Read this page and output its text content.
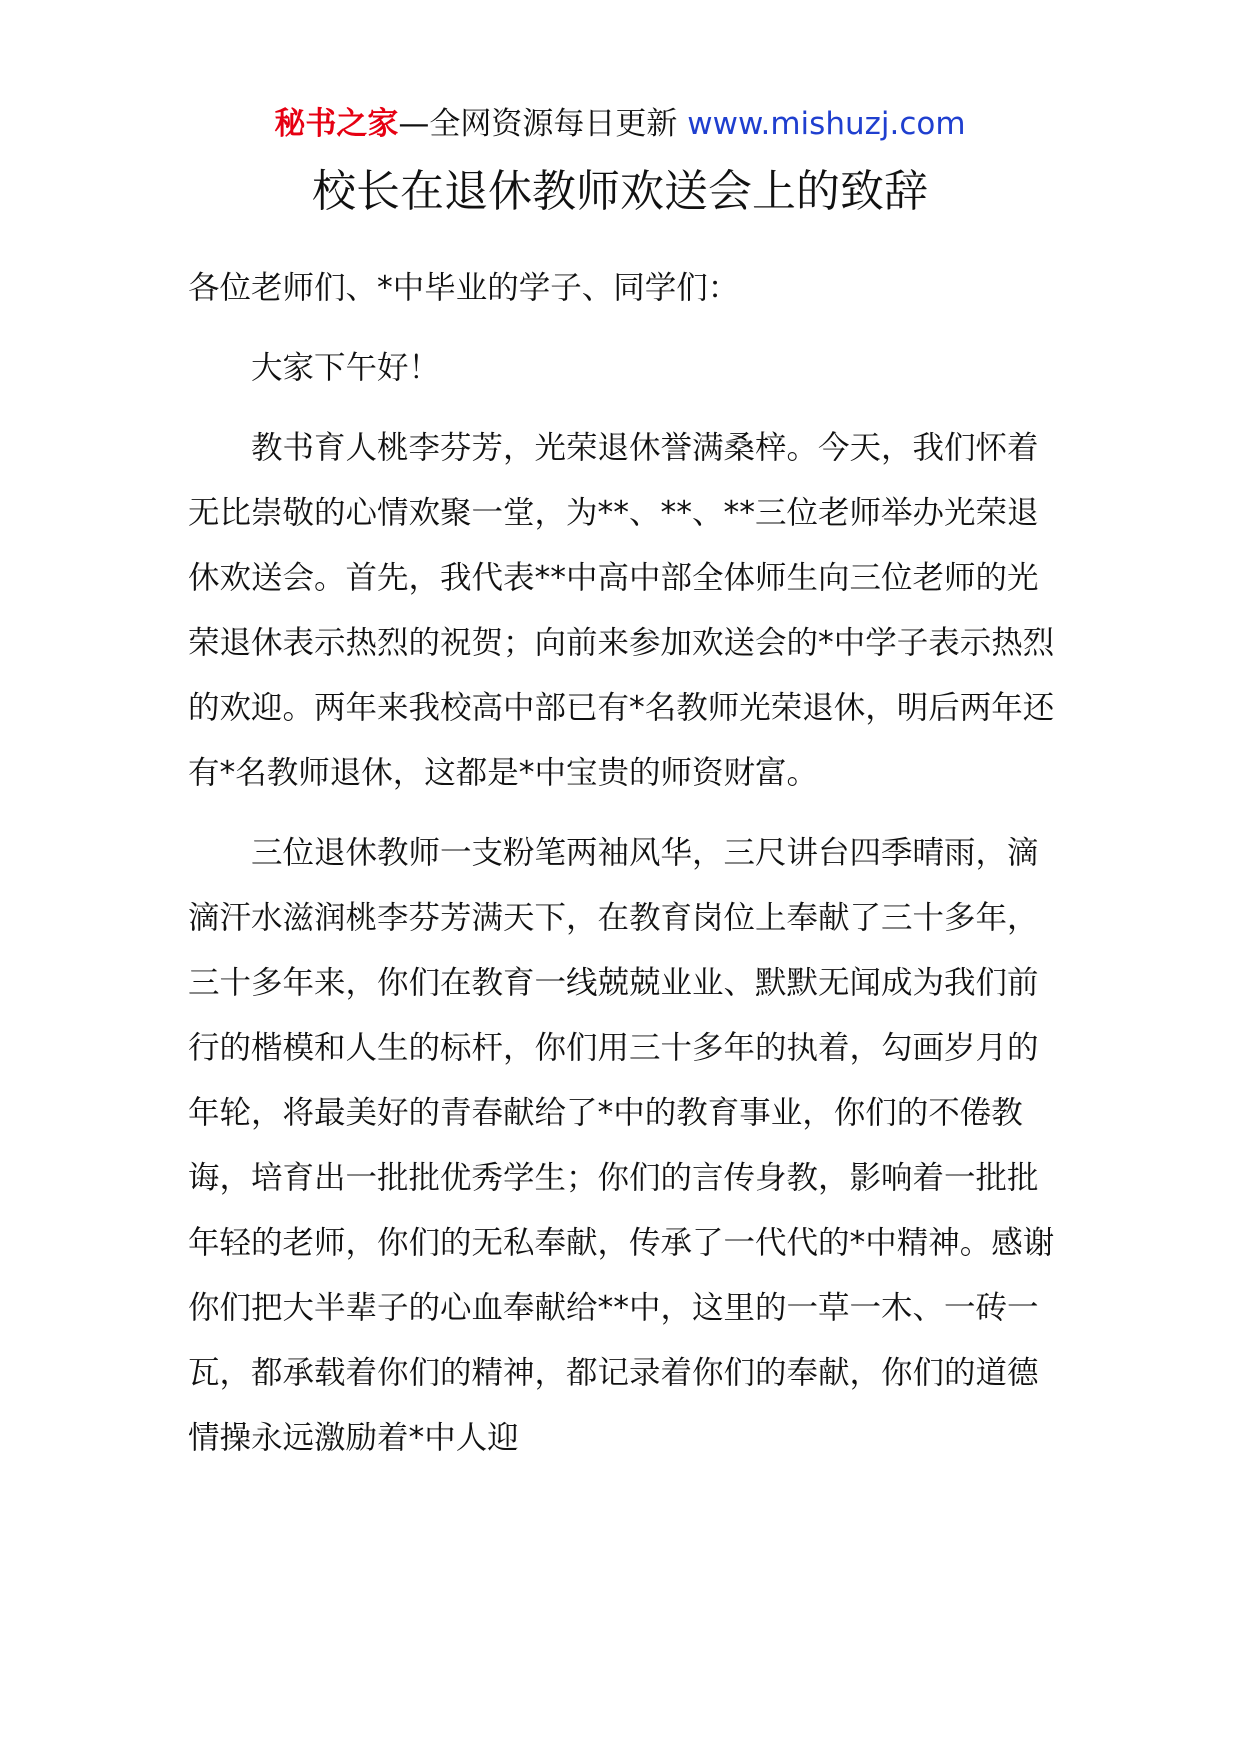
秘书之家—全网资源每日更新 www.mishuzj.com
校长在退休教师欢送会上的致辞

各位老师们、*中毕业的学子、同学们：

大家下午好！

教书育人桃李芬芳，光荣退休誉满桑梓。今天，我们怀着无比崇敬的心情欢聚一堂，为**、**、**三位老师举办光荣退休欢送会。首先，我代表**中高中部全体师生向三位老师的光荣退休表示热烈的祝贺；向前来参加欢送会的*中学子表示热烈的欢迎。两年来我校高中部已有*名教师光荣退休，明后两年还有*名教师退休，这都是*中宝贵的师资财富。

三位退休教师一支粉笔两袖风华，三尺讲台四季晴雨，滴滴汗水滋润桃李芬芳满天下，在教育岗位上奉献了三十多年，三十多年来，你们在教育一线兢兢业业、默默无闻成为我们前行的楷模和人生的标杆，你们用三十多年的执着，勾画岁月的年轮，将最美好的青春献给了*中的教育事业，你们的不倦教诲，培育出一批批优秀学生；你们的言传身教，影响着一批批年轻的老师，你们的无私奉献，传承了一代代的*中精神。感谢你们把大半辈子的心血奉献给**中，这里的一草一木、一砖一瓦，都承载着你们的精神，都记录着你们的奉献，你们的道德情操永远激励着*中人迎
